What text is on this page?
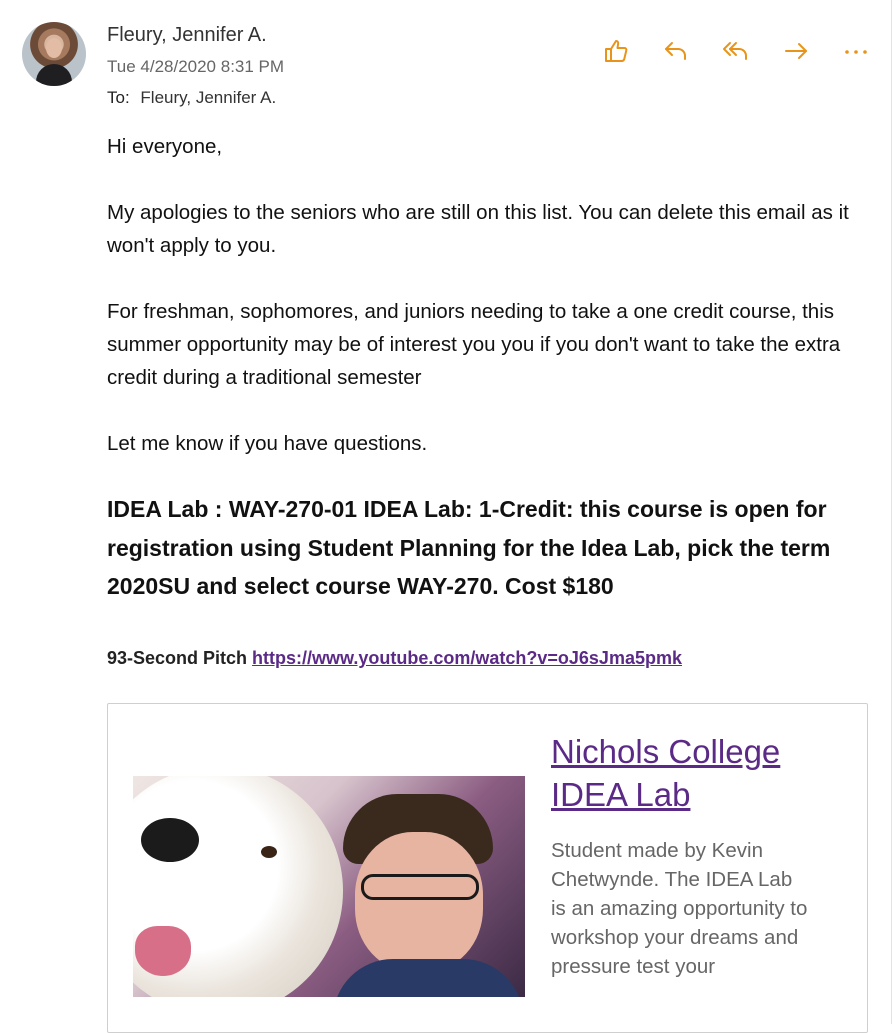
Fleury, Jennifer A.
Tue 4/28/2020 8:31 PM
To: Fleury, Jennifer A.

Hi everyone,

My apologies to the seniors who are still on this list. You can delete this email as it won't apply to you.

For freshman, sophomores, and juniors needing to take a one credit course, this summer opportunity may be of interest you you if you don't want to take the extra credit during a traditional semester

Let me know if you have questions.

IDEA Lab : WAY-270-01 IDEA Lab: 1-Credit: this course is open for registration using Student Planning for the Idea Lab, pick the term 2020SU and select course WAY-270. Cost $180
93-Second Pitch https://www.youtube.com/watch?v=oJ6sJma5pmk
Nichols College IDEA Lab
Student made by Kevin Chetwynde. The IDEA Lab is an amazing opportunity to workshop your dreams and pressure test your
